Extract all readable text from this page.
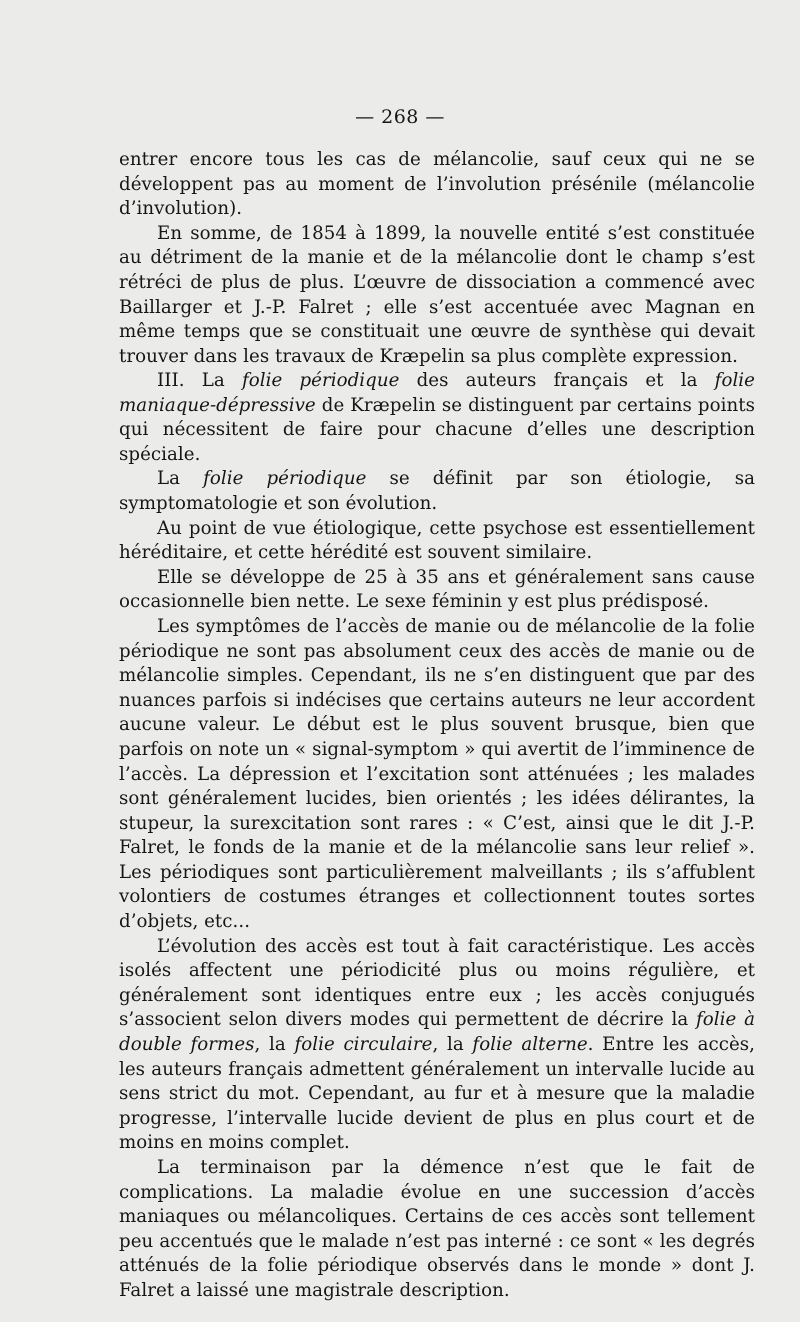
— 268 —

entrer encore tous les cas de mélancolie, sauf ceux qui ne se développent pas au moment de l’involution présénile (mélancolie d’involution).

En somme, de 1854 à 1899, la nouvelle entité s’est constituée au détriment de la manie et de la mélancolie dont le champ s’est rétréci de plus de plus. L’œuvre de dissociation a commencé avec Baillarger et J.-P. Falret ; elle s’est accentuée avec Magnan en même temps que se constituait une œuvre de synthèse qui devait trouver dans les travaux de Kræpelin sa plus complète expression.

III. La folie périodique des auteurs français et la folie maniaque-dépressive de Kræpelin se distinguent par certains points qui nécessitent de faire pour chacune d’elles une description spéciale.

La folie périodique se définit par son étiologie, sa symptomatologie et son évolution.

Au point de vue étiologique, cette psychose est essentiellement héréditaire, et cette hérédité est souvent similaire.

Elle se développe de 25 à 35 ans et généralement sans cause occasionnelle bien nette. Le sexe féminin y est plus prédisposé.

Les symptômes de l’accès de manie ou de mélancolie de la folie périodique ne sont pas absolument ceux des accès de manie ou de mélancolie simples. Cependant, ils ne s’en distinguent que par des nuances parfois si indécises que certains auteurs ne leur accordent aucune valeur. Le début est le plus souvent brusque, bien que parfois on note un « signal-symptom » qui avertit de l’imminence de l’accès. La dépression et l’excitation sont atténuées ; les malades sont généralement lucides, bien orientés ; les idées délirantes, la stupeur, la surexcitation sont rares : « C’est, ainsi que le dit J.-P. Falret, le fonds de la manie et de la mélancolie sans leur relief ». Les périodiques sont particulièrement malveillants ; ils s’affublent volontiers de costumes étranges et collectionnent toutes sortes d’objets, etc...

L’évolution des accès est tout à fait caractéristique. Les accès isolés affectent une périodicité plus ou moins régulière, et généralement sont identiques entre eux ; les accès conjugués s’associent selon divers modes qui permettent de décrire la folie à double formes, la folie circulaire, la folie alterne. Entre les accès, les auteurs français admettent généralement un intervalle lucide au sens strict du mot. Cependant, au fur et à mesure que la maladie progresse, l’intervalle lucide devient de plus en plus court et de moins en moins complet.

La terminaison par la démence n’est que le fait de complications. La maladie évolue en une succession d’accès maniaques ou mélancoliques. Certains de ces accès sont tellement peu accentués que le malade n’est pas interné : ce sont « les degrés atténués de la folie périodique observés dans le monde » dont J. Falret a laissé une magistrale description.
